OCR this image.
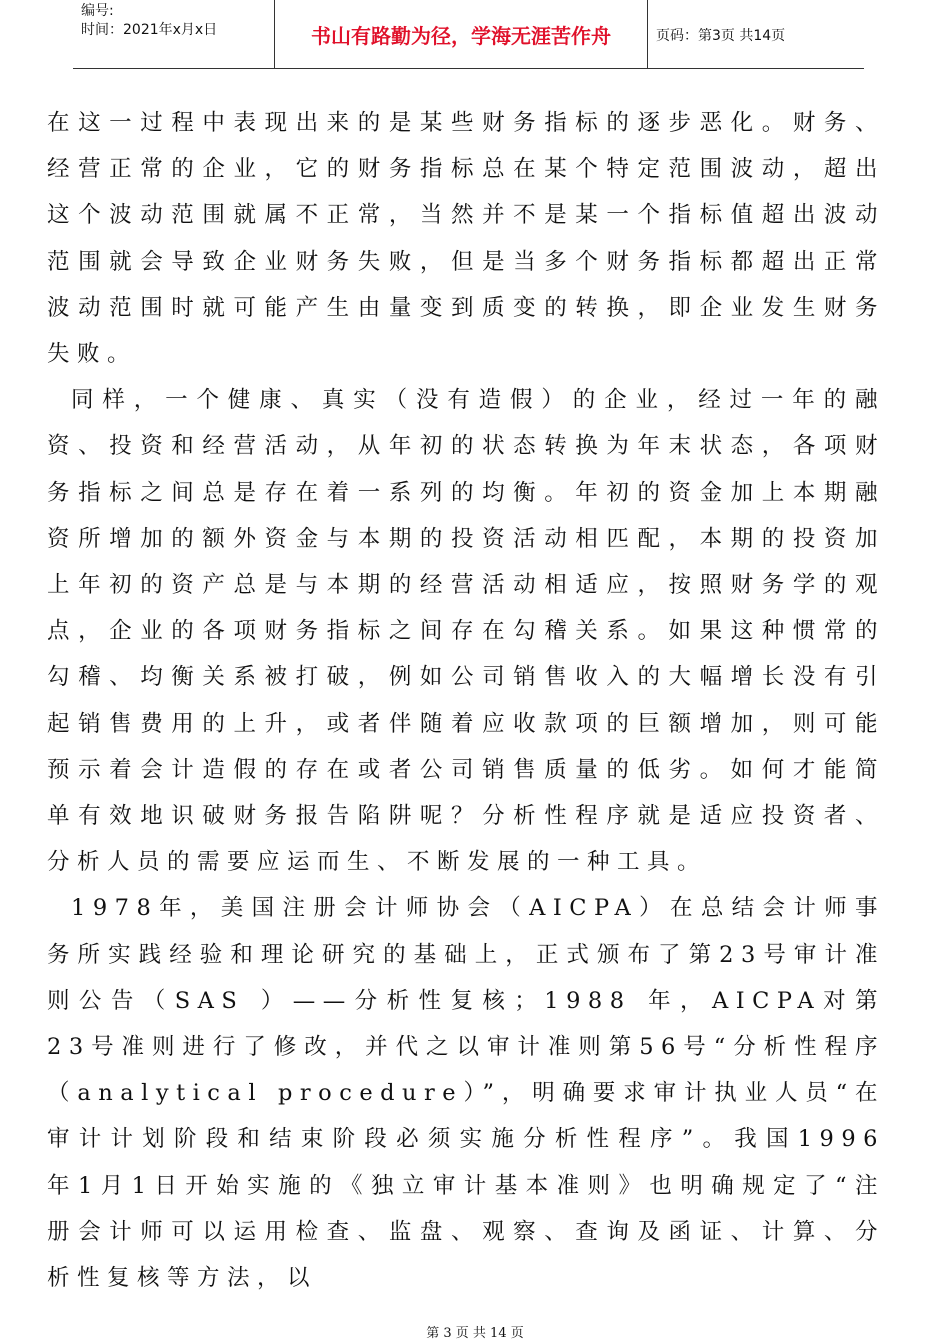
编号:
时间：2021年x月x日	书山有路勤为径，学海无涯苦作舟	页码：第3页 共14页

在这一过程中表现出来的是某些财务指标的逐步恶化。财务、经营正常的企业，它的财务指标总在某个特定范围波动，超出这个波动范围就属不正常，当然并不是某一个指标值超出波动范围就会导致企业财务失败，但是当多个财务指标都超出正常波动范围时就可能产生由量变到质变的转换，即企业发生财务失败。

同样，一个健康、真实（没有造假）的企业，经过一年的融资、投资和经营活动，从年初的状态转换为年末状态，各项财务指标之间总是存在着一系列的均衡。年初的资金加上本期融资所增加的额外资金与本期的投资活动相匹配，本期的投资加上年初的资产总是与本期的经营活动相适应，按照财务学的观点，企业的各项财务指标之间存在勾稽关系。如果这种惯常的勾稽、均衡关系被打破，例如公司销售收入的大幅增长没有引起销售费用的上升，或者伴随着应收款项的巨额增加，则可能预示着会计造假的存在或者公司销售质量的低劣。如何才能简单有效地识破财务报告陷阱呢？分析性程序就是适应投资者、分析人员的需要应运而生、不断发展的一种工具。

1978年，美国注册会计师协会（AICPA）在总结会计师事务所实践经验和理论研究的基础上，正式颁布了第23号审计准则公告（SAS ）——分析性复核；1988 年，AICPA对第23号准则进行了修改，并代之以审计准则第56号“分析性程序（analytical procedure）”，明确要求审计执业人员“在审计计划阶段和结束阶段必须实施分析性程序”。我国1996 年1月1日开始实施的《独立审计基本准则》也明确规定了“注册会计师可以运用检查、监盘、观察、查询及函证、计算、分析性复核等方法，以

第 3 页 共 14 页
